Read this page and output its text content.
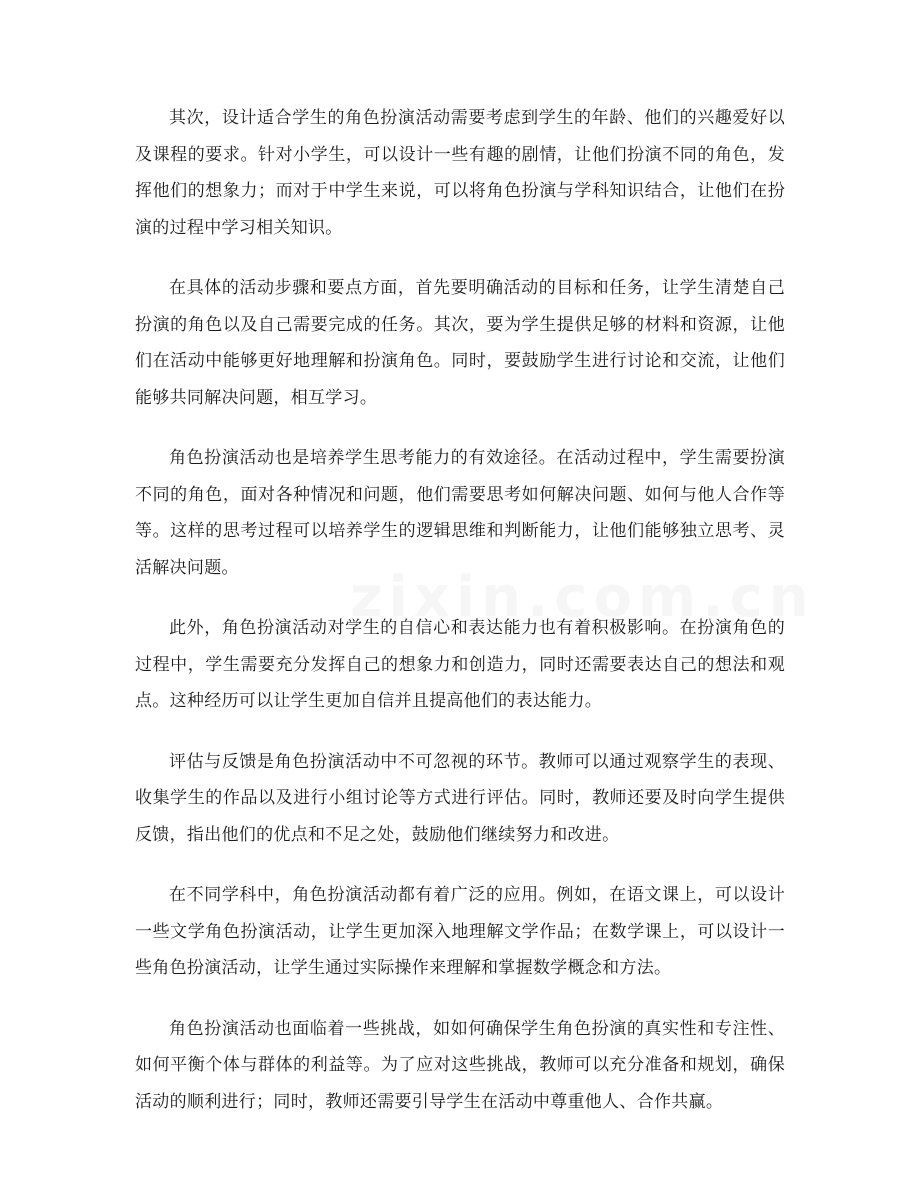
其次，设计适合学生的角色扮演活动需要考虑到学生的年龄、他们的兴趣爱好以及课程的要求。针对小学生，可以设计一些有趣的剧情，让他们扮演不同的角色，发挥他们的想象力；而对于中学生来说，可以将角色扮演与学科知识结合，让他们在扮演的过程中学习相关知识。

在具体的活动步骤和要点方面，首先要明确活动的目标和任务，让学生清楚自己扮演的角色以及自己需要完成的任务。其次，要为学生提供足够的材料和资源，让他们在活动中能够更好地理解和扮演角色。同时，要鼓励学生进行讨论和交流，让他们能够共同解决问题，相互学习。

角色扮演活动也是培养学生思考能力的有效途径。在活动过程中，学生需要扮演不同的角色，面对各种情况和问题，他们需要思考如何解决问题、如何与他人合作等等。这样的思考过程可以培养学生的逻辑思维和判断能力，让他们能够独立思考、灵活解决问题。

此外，角色扮演活动对学生的自信心和表达能力也有着积极影响。在扮演角色的过程中，学生需要充分发挥自己的想象力和创造力，同时还需要表达自己的想法和观点。这种经历可以让学生更加自信并且提高他们的表达能力。

评估与反馈是角色扮演活动中不可忽视的环节。教师可以通过观察学生的表现、收集学生的作品以及进行小组讨论等方式进行评估。同时，教师还要及时向学生提供反馈，指出他们的优点和不足之处，鼓励他们继续努力和改进。

在不同学科中，角色扮演活动都有着广泛的应用。例如，在语文课上，可以设计一些文学角色扮演活动，让学生更加深入地理解文学作品；在数学课上，可以设计一些角色扮演活动，让学生通过实际操作来理解和掌握数学概念和方法。

角色扮演活动也面临着一些挑战，如如何确保学生角色扮演的真实性和专注性、如何平衡个体与群体的利益等。为了应对这些挑战，教师可以充分准备和规划，确保活动的顺利进行；同时，教师还需要引导学生在活动中尊重他人、合作共赢。
